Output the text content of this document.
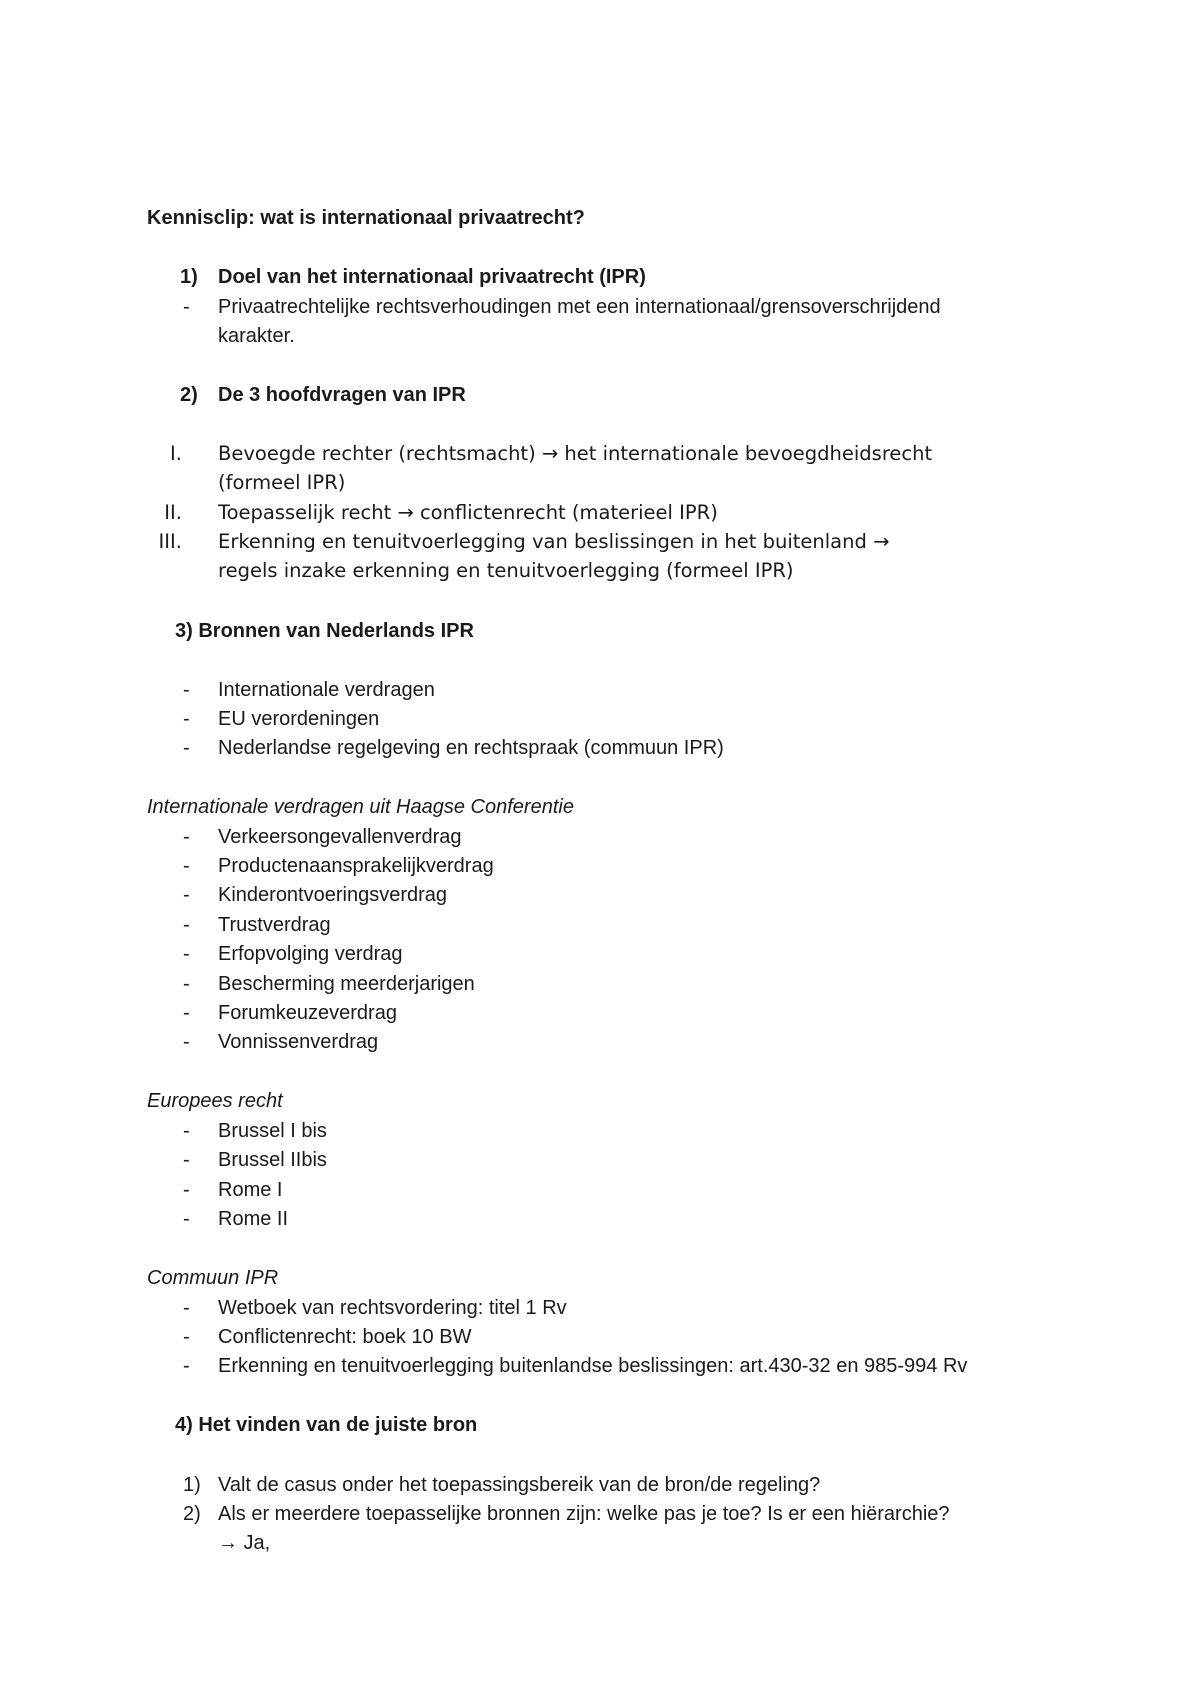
Kennisclip: wat is internationaal privaatrecht?
1) Doel van het internationaal privaatrecht (IPR)
- Privaatrechtelijke rechtsverhoudingen met een internationaal/grensoverschrijdend
karakter.
2) De 3 hoofdvragen van IPR
I. Bevoegde rechter (rechtsmacht) → het internationale bevoegdheidsrecht
(formeel IPR)
II. Toepasselijk recht → conflictenrecht (materieel IPR)
III. Erkenning en tenuitvoerlegging van beslissingen in het buitenland →
regels inzake erkenning en tenuitvoerlegging (formeel IPR)
3) Bronnen van Nederlands IPR
- Internationale verdragen
- EU verordeningen
- Nederlandse regelgeving en rechtspraak (commuun IPR)
Internationale verdragen uit Haagse Conferentie
- Verkeersongevallenverdrag
- Productenaansprakelijkverdrag
- Kinderontvoeringsverdrag
- Trustverdrag
- Erfopvolging verdrag
- Bescherming meerderjarigen
- Forumkeuzeverdrag
- Vonnissenverdrag
Europees recht
- Brussel I bis
- Brussel IIbis
- Rome I
- Rome II
Commuun IPR
- Wetboek van rechtsvordering: titel 1 Rv
- Conflictenrecht: boek 10 BW
- Erkenning en tenuitvoerlegging buitenlandse beslissingen: art.430-32 en 985-994 Rv
4) Het vinden van de juiste bron
1) Valt de casus onder het toepassingsbereik van de bron/de regeling?
2) Als er meerdere toepasselijke bronnen zijn: welke pas je toe? Is er een hiërarchie?
→ Ja,
